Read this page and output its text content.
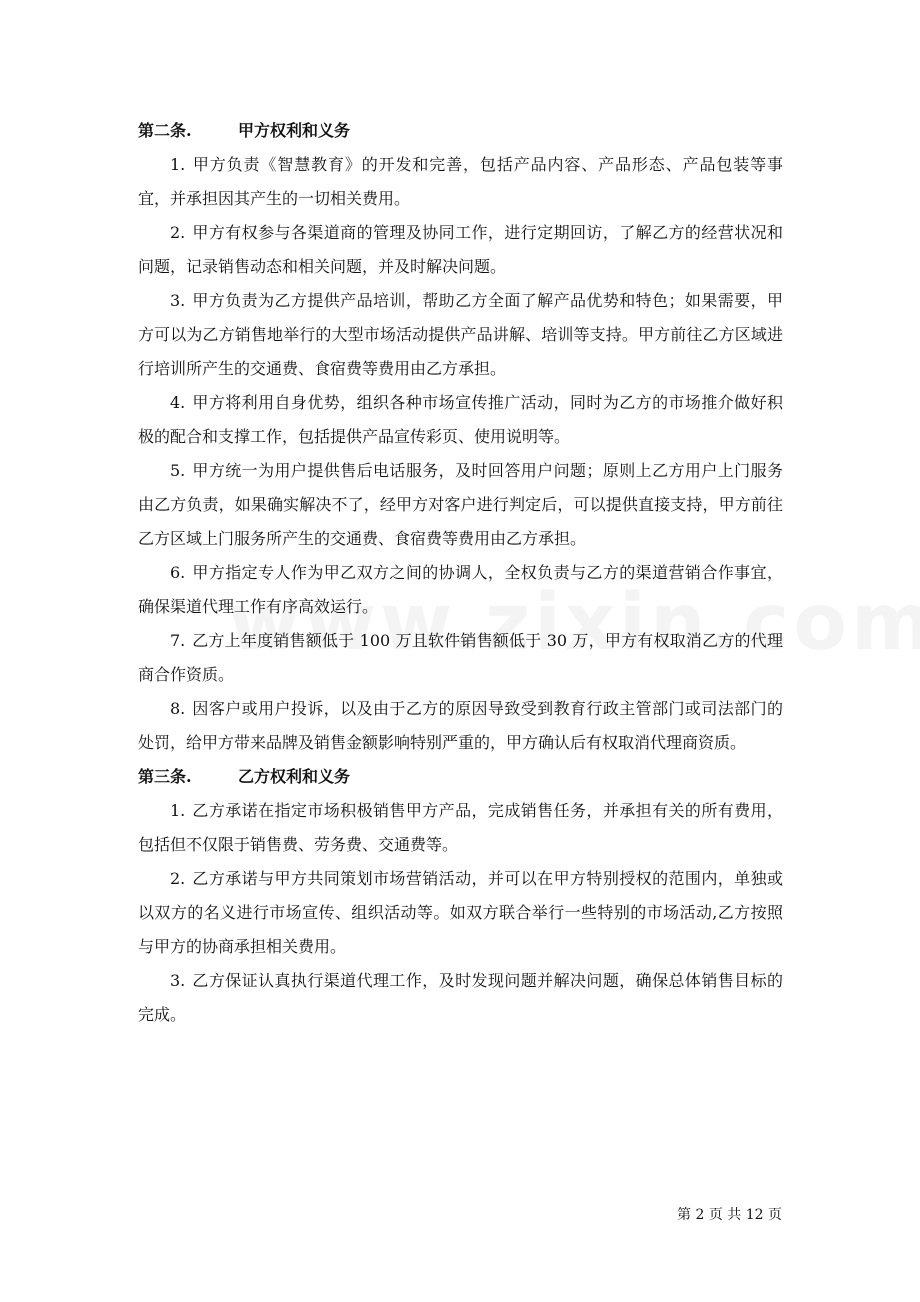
第二条.	甲方权利和义务

1. 甲方负责《智慧教育》的开发和完善，包括产品内容、产品形态、产品包装等事宜，并承担因其产生的一切相关费用。

2. 甲方有权参与各渠道商的管理及协同工作，进行定期回访，了解乙方的经营状况和问题，记录销售动态和相关问题，并及时解决问题。

3. 甲方负责为乙方提供产品培训，帮助乙方全面了解产品优势和特色；如果需要，甲方可以为乙方销售地举行的大型市场活动提供产品讲解、培训等支持。甲方前往乙方区域进行培训所产生的交通费、食宿费等费用由乙方承担。

4. 甲方将利用自身优势，组织各种市场宣传推广活动，同时为乙方的市场推介做好积极的配合和支撑工作，包括提供产品宣传彩页、使用说明等。

5. 甲方统一为用户提供售后电话服务，及时回答用户问题；原则上乙方用户上门服务由乙方负责，如果确实解决不了，经甲方对客户进行判定后，可以提供直接支持，甲方前往乙方区域上门服务所产生的交通费、食宿费等费用由乙方承担。

6. 甲方指定专人作为甲乙双方之间的协调人，全权负责与乙方的渠道营销合作事宜，确保渠道代理工作有序高效运行。

7. 乙方上年度销售额低于 100 万且软件销售额低于 30 万，甲方有权取消乙方的代理商合作资质。

8. 因客户或用户投诉，以及由于乙方的原因导致受到教育行政主管部门或司法部门的处罚，给甲方带来品牌及销售金额影响特别严重的，甲方确认后有权取消代理商资质。

第三条.	乙方权利和义务

1. 乙方承诺在指定市场积极销售甲方产品，完成销售任务，并承担有关的所有费用，包括但不仅限于销售费、劳务费、交通费等。

2. 乙方承诺与甲方共同策划市场营销活动，并可以在甲方特别授权的范围内，单独或以双方的名义进行市场宣传、组织活动等。如双方联合举行一些特别的市场活动,乙方按照与甲方的协商承担相关费用。

3. 乙方保证认真执行渠道代理工作，及时发现问题并解决问题，确保总体销售目标的完成。

第 2 页 共 12 页
